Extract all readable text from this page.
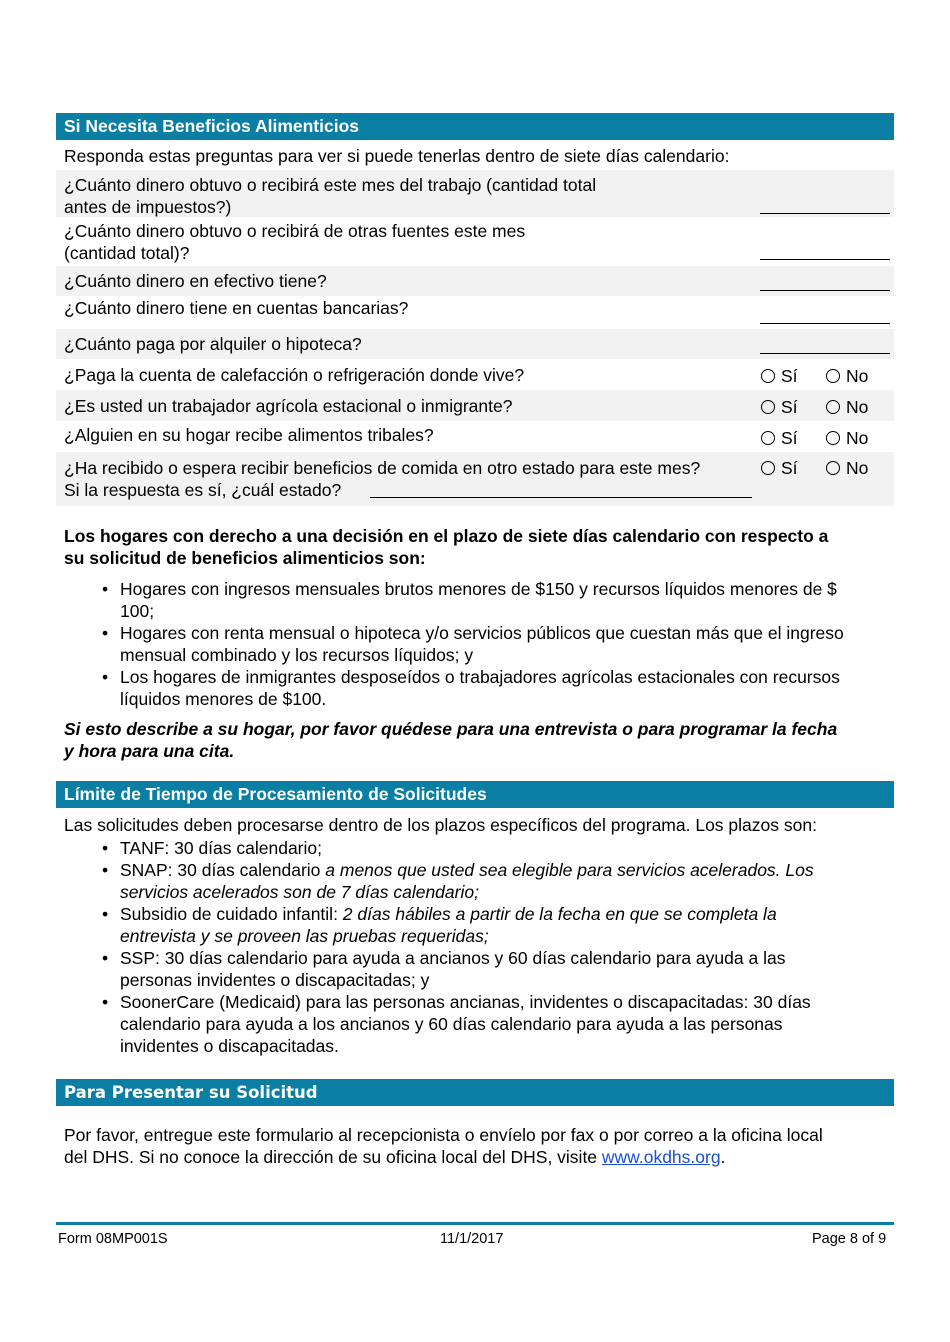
Si Necesita Beneficios Alimenticios
Responda estas preguntas para ver si puede tenerlas dentro de siete días calendario:
¿Cuánto dinero obtuvo o recibirá este mes del trabajo (cantidad total
antes de impuestos?)
¿Cuánto dinero obtuvo o recibirá de otras fuentes este mes
(cantidad total)?
¿Cuánto dinero en efectivo tiene?
¿Cuánto dinero tiene en cuentas bancarias?
¿Cuánto paga por alquiler o hipoteca?
¿Paga la cuenta de calefacción o refrigeración donde vive?	Sí	No
¿Es usted un trabajador agrícola estacional o inmigrante?	Sí	No
¿Alguien en su hogar recibe alimentos tribales?	Sí	No
¿Ha recibido o espera recibir beneficios de comida en otro estado para este mes?
Si la respuesta es sí, ¿cuál estado?
Sí	No
Los hogares con derecho a una decisión en el plazo de siete días calendario con respecto a
su solicitud de beneficios alimenticios son:
• Hogares con ingresos mensuales brutos menores de $150 y recursos líquidos menores de $
100;
• Hogares con renta mensual o hipoteca y/o servicios públicos que cuestan más que el ingreso
mensual combinado y los recursos líquidos; y
• Los hogares de inmigrantes desposeídos o trabajadores agrícolas estacionales con recursos
líquidos menores de $100.
Si esto describe a su hogar, por favor quédese para una entrevista o para programar la fecha
y hora para una cita.
Límite de Tiempo de Procesamiento de Solicitudes
Las solicitudes deben procesarse dentro de los plazos específicos del programa. Los plazos son:
• TANF: 30 días calendario;
• SNAP: 30 días calendario a menos que usted sea elegible para servicios acelerados. Los
servicios acelerados son de 7 días calendario;
• Subsidio de cuidado infantil: 2 días hábiles a partir de la fecha en que se completa la
entrevista y se proveen las pruebas requeridas;
• SSP: 30 días calendario para ayuda a ancianos y 60 días calendario para ayuda a las
personas invidentes o discapacitadas; y
• SoonerCare (Medicaid) para las personas ancianas, invidentes o discapacitadas: 30 días
calendario para ayuda a los ancianos y 60 días calendario para ayuda a las personas
invidentes o discapacitadas.
Para Presentar su Solicitud
Por favor, entregue este formulario al recepcionista o envíelo por fax o por correo a la oficina local
del DHS. Si no conoce la dirección de su oficina local del DHS, visite www.okdhs.org.
Form 08MP001S	11/1/2017	Page 8 of 9
